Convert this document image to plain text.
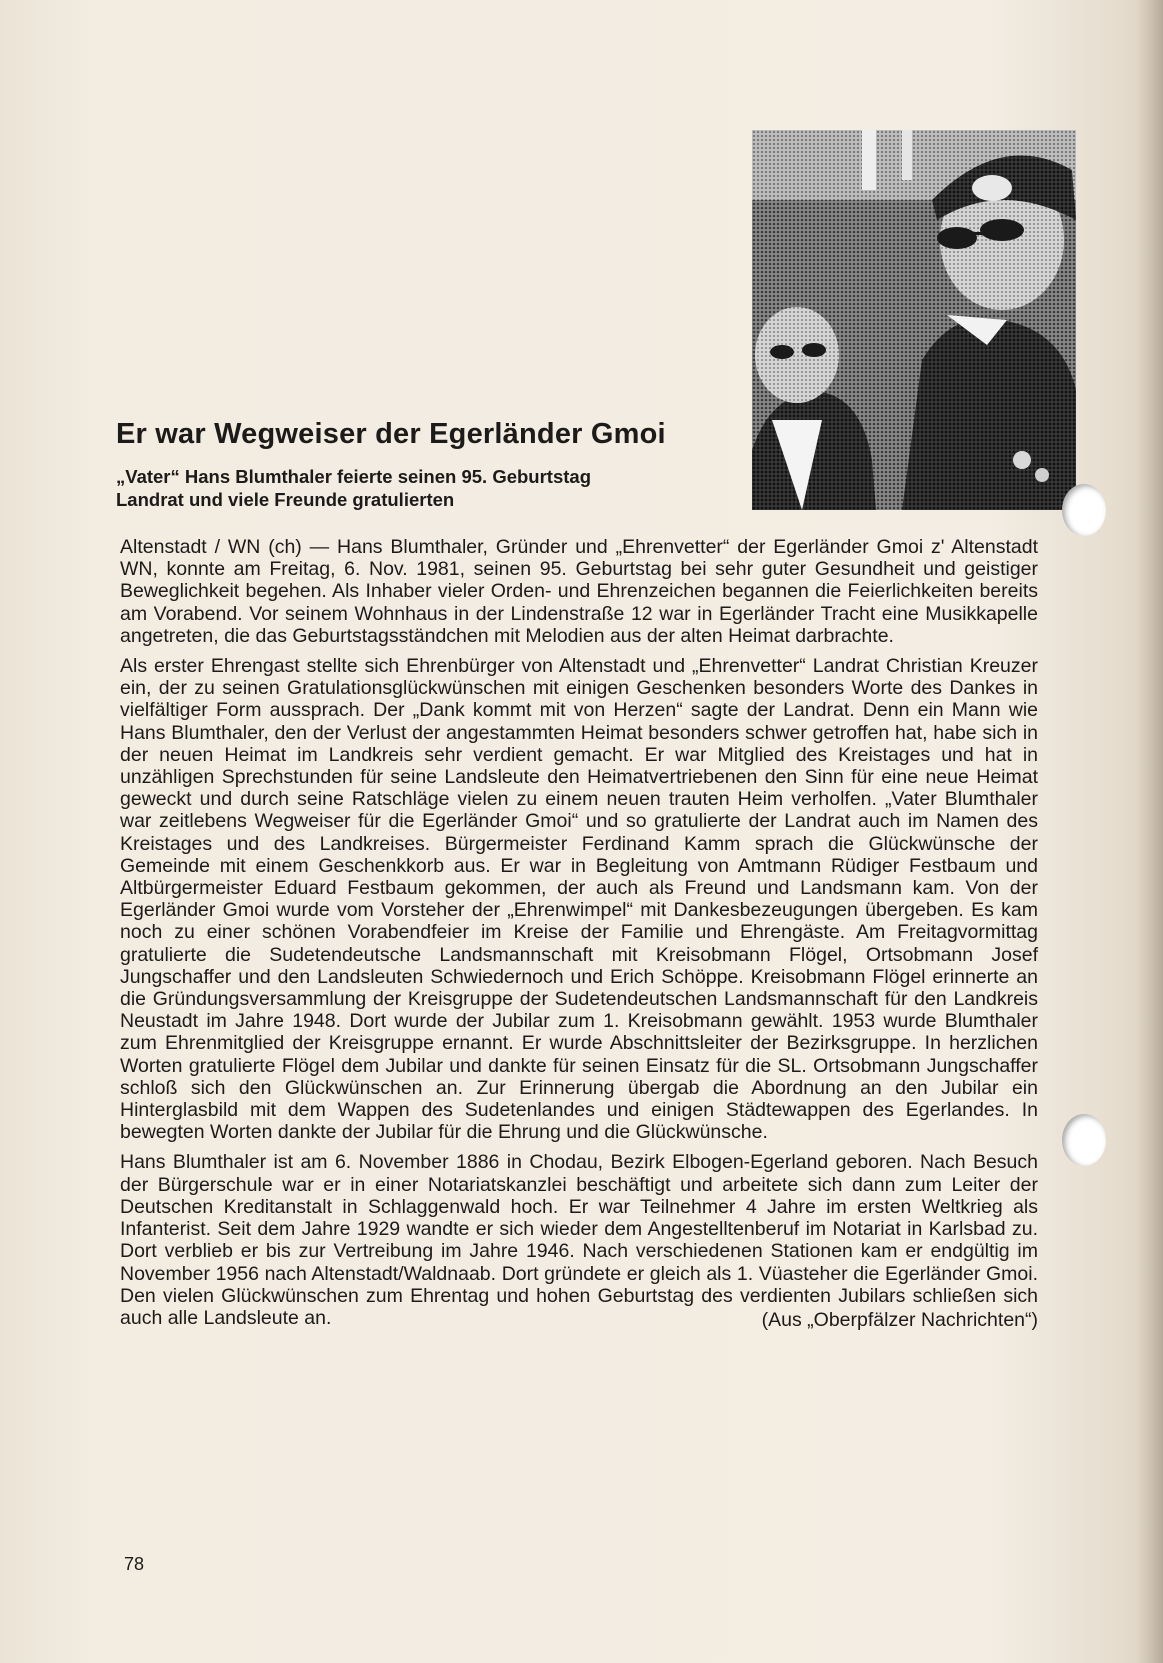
Er war Wegweiser der Egerländer Gmoi

„Vater“ Hans Blumthaler feierte seinen 95. Geburtstag

Landrat und viele Freunde gratulierten

Altenstadt / WN (ch) — Hans Blumthaler, Gründer und „Ehrenvetter“ der Egerländer Gmoi z' Altenstadt WN, konnte am Freitag, 6. Nov. 1981, seinen 95. Geburtstag bei sehr guter Gesundheit und geistiger Beweglichkeit begehen. Als Inhaber vieler Orden- und Ehrenzeichen begannen die Feierlichkeiten bereits am Vorabend. Vor seinem Wohnhaus in der Lindenstraße 12 war in Egerländer Tracht eine Musikkapelle angetreten, die das Geburtstagsständchen mit Melodien aus der alten Heimat darbrachte.

Als erster Ehrengast stellte sich Ehrenbürger von Altenstadt und „Ehrenvetter“ Landrat Christian Kreuzer ein, der zu seinen Gratulationsglückwünschen mit einigen Geschenken besonders Worte des Dankes in vielfältiger Form aussprach. Der „Dank kommt mit von Herzen“ sagte der Landrat. Denn ein Mann wie Hans Blumthaler, den der Verlust der angestammten Heimat besonders schwer getroffen hat, habe sich in der neuen Heimat im Landkreis sehr verdient gemacht. Er war Mitglied des Kreistages und hat in unzähligen Sprechstunden für seine Landsleute den Heimatvertriebenen den Sinn für eine neue Heimat geweckt und durch seine Ratschläge vielen zu einem neuen trauten Heim verholfen. „Vater Blumthaler war zeitlebens Wegweiser für die Egerländer Gmoi“ und so gratulierte der Landrat auch im Namen des Kreistages und des Landkreises. Bürgermeister Ferdinand Kamm sprach die Glückwünsche der Gemeinde mit einem Geschenkkorb aus. Er war in Begleitung von Amtmann Rüdiger Festbaum und Altbürgermeister Eduard Festbaum gekommen, der auch als Freund und Landsmann kam. Von der Egerländer Gmoi wurde vom Vorsteher der „Ehrenwimpel“ mit Dankesbezeugungen übergeben. Es kam noch zu einer schönen Vorabendfeier im Kreise der Familie und Ehrengäste. Am Freitagvormittag gratulierte die Sudetendeutsche Landsmannschaft mit Kreisobmann Flögel, Ortsobmann Josef Jungschaffer und den Landsleuten Schwiedernoch und Erich Schöppe. Kreisobmann Flögel erinnerte an die Gründungsversammlung der Kreisgruppe der Sudetendeutschen Landsmannschaft für den Landkreis Neustadt im Jahre 1948. Dort wurde der Jubilar zum 1. Kreisobmann gewählt. 1953 wurde Blumthaler zum Ehrenmitglied der Kreisgruppe ernannt. Er wurde Abschnittsleiter der Bezirksgruppe. In herzlichen Worten gratulierte Flögel dem Jubilar und dankte für seinen Einsatz für die SL. Ortsobmann Jungschaffer schloß sich den Glückwünschen an. Zur Erinnerung übergab die Abordnung an den Jubilar ein Hinterglasbild mit dem Wappen des Sudetenlandes und einigen Städtewappen des Egerlandes. In bewegten Worten dankte der Jubilar für die Ehrung und die Glückwünsche.

Hans Blumthaler ist am 6. November 1886 in Chodau, Bezirk Elbogen-Egerland geboren. Nach Besuch der Bürgerschule war er in einer Notariatskanzlei beschäftigt und arbeitete sich dann zum Leiter der Deutschen Kreditanstalt in Schlaggenwald hoch. Er war Teilnehmer 4 Jahre im ersten Weltkrieg als Infanterist. Seit dem Jahre 1929 wandte er sich wieder dem Angestelltenberuf im Notariat in Karlsbad zu. Dort verblieb er bis zur Vertreibung im Jahre 1946. Nach verschiedenen Stationen kam er endgültig im November 1956 nach Altenstadt/Waldnaab. Dort gründete er gleich als 1. Vüasteher die Egerländer Gmoi. Den vielen Glückwünschen zum Ehrentag und hohen Geburtstag des verdienten Jubilars schließen sich auch alle Landsleute an.	(Aus „Oberpfälzer Nachrichten“)
78
